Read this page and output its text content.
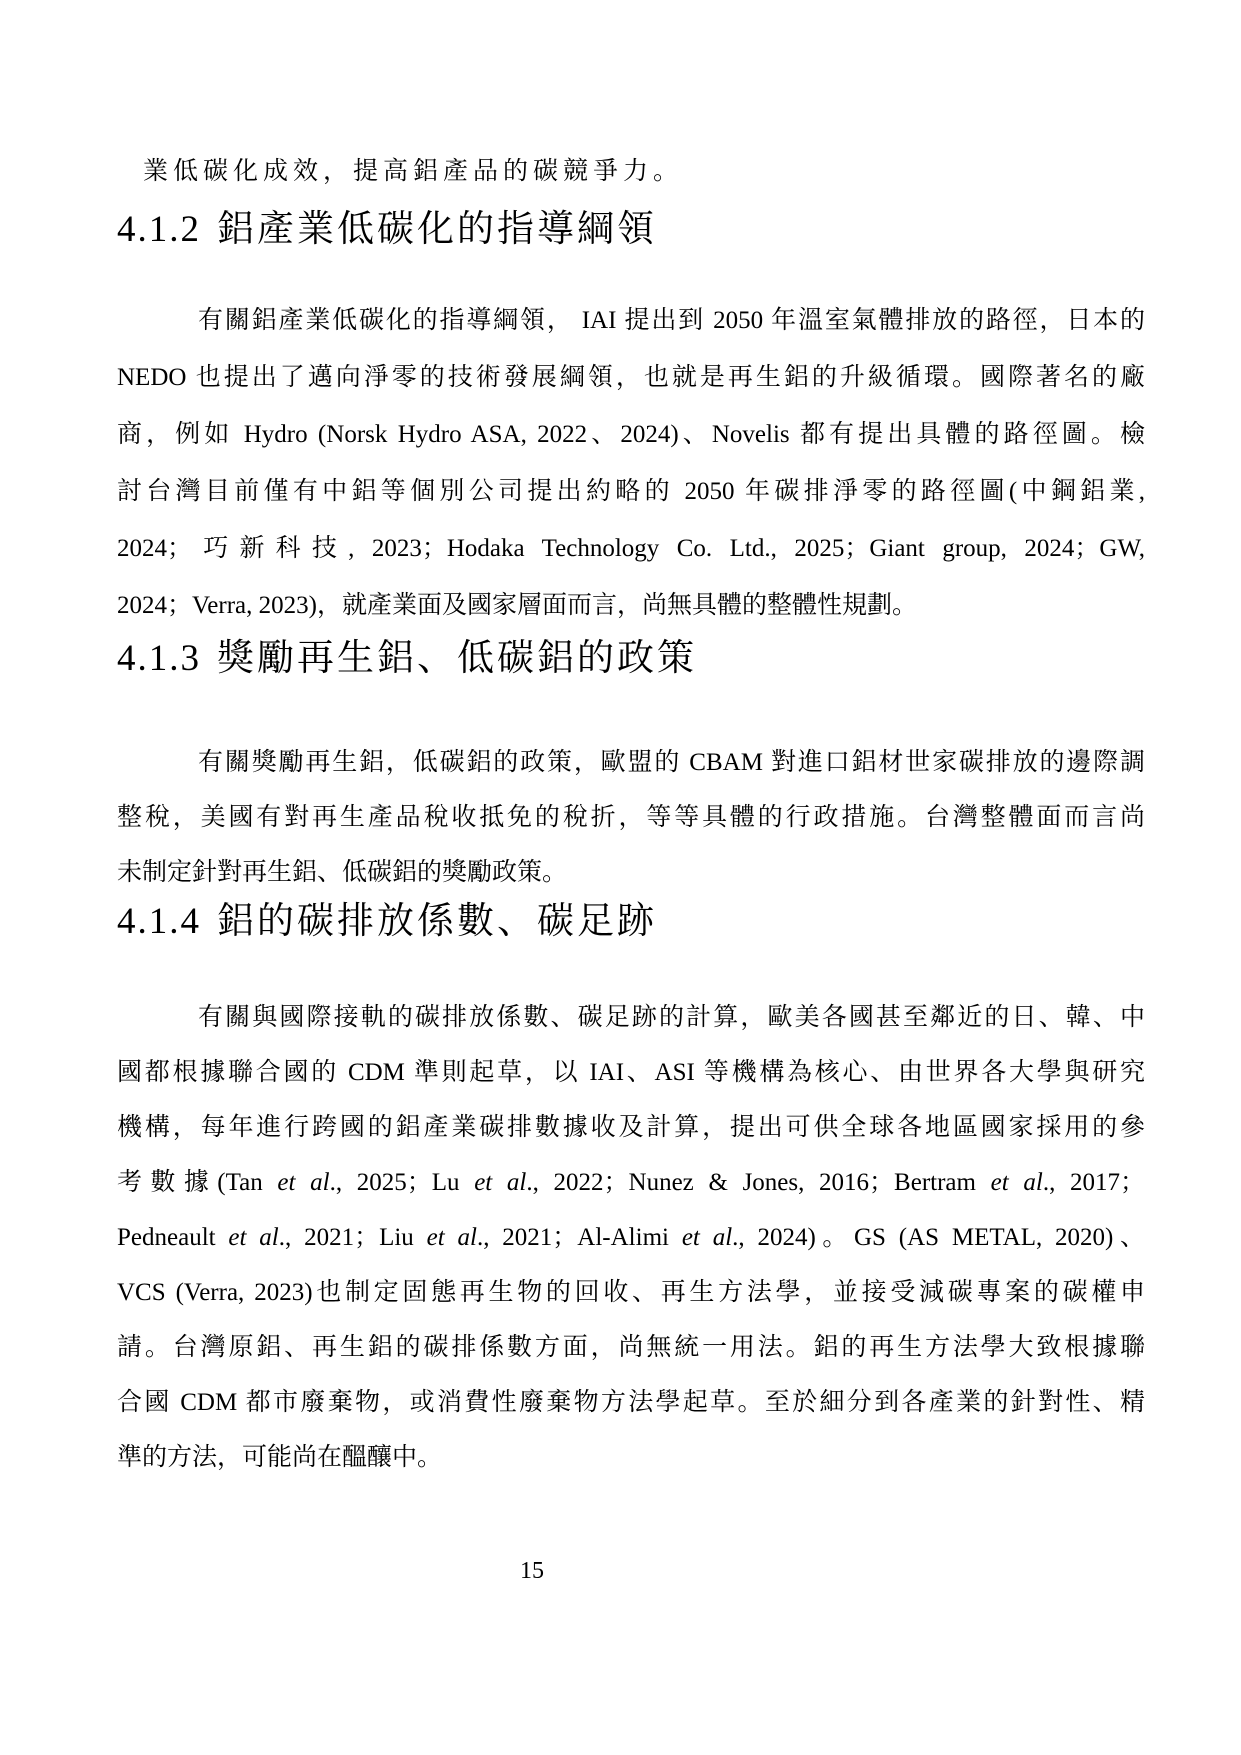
業低碳化成效，提高鋁產品的碳競爭力。
4.1.2 鋁產業低碳化的指導綱領
有關鋁產業低碳化的指導綱領， IAI 提出到 2050 年溫室氣體排放的路徑，日本的
NEDO 也提出了邁向淨零的技術發展綱領，也就是再生鋁的升級循環。國際著名的廠
商，例如 Hydro (Norsk Hydro ASA, 2022、2024)、Novelis 都有提出具體的路徑圖。檢
討台灣目前僅有中鋁等個別公司提出約略的 2050 年碳排淨零的路徑圖(中鋼鋁業,
2024；巧新科技, 2023；Hodaka Technology Co. Ltd., 2025；Giant group, 2024；GW,
2024；Verra, 2023)，就產業面及國家層面而言，尚無具體的整體性規劃。
4.1.3 獎勵再生鋁、低碳鋁的政策
有關獎勵再生鋁，低碳鋁的政策，歐盟的 CBAM 對進口鋁材世家碳排放的邊際調
整稅，美國有對再生產品稅收抵免的稅折，等等具體的行政措施。台灣整體面而言尚
未制定針對再生鋁、低碳鋁的獎勵政策。
4.1.4 鋁的碳排放係數、碳足跡
有關與國際接軌的碳排放係數、碳足跡的計算，歐美各國甚至鄰近的日、韓、中
國都根據聯合國的 CDM 準則起草，以 IAI、ASI 等機構為核心、由世界各大學與研究
機構，每年進行跨國的鋁產業碳排數據收及計算，提出可供全球各地區國家採用的參
考數據(Tan et al., 2025；Lu et al., 2022；Nunez & Jones, 2016；Bertram et al., 2017；
Pedneault et al., 2021；Liu et al., 2021；Al-Alimi et al., 2024)。GS (AS METAL, 2020)、
VCS (Verra, 2023)也制定固態再生物的回收、再生方法學，並接受減碳專案的碳權申
請。台灣原鋁、再生鋁的碳排係數方面，尚無統一用法。鋁的再生方法學大致根據聯
合國 CDM 都市廢棄物，或消費性廢棄物方法學起草。至於細分到各產業的針對性、精
準的方法，可能尚在醞釀中。
15
